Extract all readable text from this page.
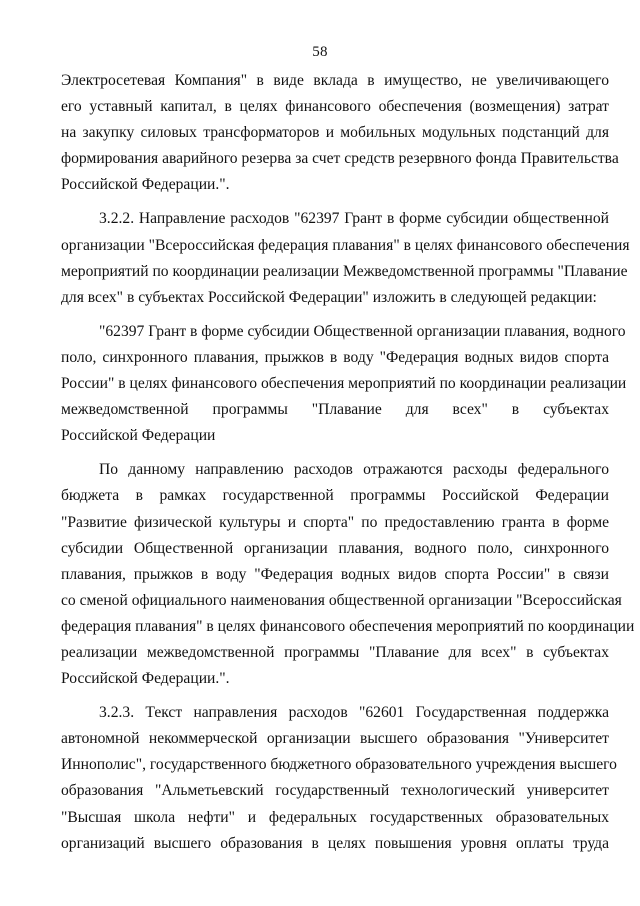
58
Электросетевая Компания" в виде вклада в имущество, не увеличивающего
его уставный капитал, в целях финансового обеспечения (возмещения) затрат
на закупку силовых трансформаторов и мобильных модульных подстанций для
формирования аварийного резерва за счет средств резервного фонда Правительства
Российской Федерации.".
3.2.2. Направление расходов "62397 Грант в форме субсидии общественной
организации "Всероссийская федерация плавания" в целях финансового обеспечения
мероприятий по координации реализации Межведомственной программы "Плавание
для всех" в субъектах Российской Федерации" изложить в следующей редакции:
"62397 Грант в форме субсидии Общественной организации плавания, водного
поло, синхронного плавания, прыжков в воду "Федерация водных видов спорта
России" в целях финансового обеспечения мероприятий по координации реализации
межведомственной программы "Плавание для всех" в субъектах
Российской Федерации
По данному направлению расходов отражаются расходы федерального
бюджета в рамках государственной программы Российской Федерации
"Развитие физической культуры и спорта" по предоставлению гранта в форме
субсидии Общественной организации плавания, водного поло, синхронного
плавания, прыжков в воду "Федерация водных видов спорта России" в связи
со сменой официального наименования общественной организации "Всероссийская
федерация плавания" в целях финансового обеспечения мероприятий по координации
реализации межведомственной программы "Плавание для всех" в субъектах
Российской Федерации.".
3.2.3. Текст направления расходов "62601 Государственная поддержка
автономной некоммерческой организации высшего образования "Университет
Иннополис", государственного бюджетного образовательного учреждения высшего
образования "Альметьевский государственный технологический университет
"Высшая школа нефти" и федеральных государственных образовательных
организаций высшего образования в целях повышения уровня оплаты труда
